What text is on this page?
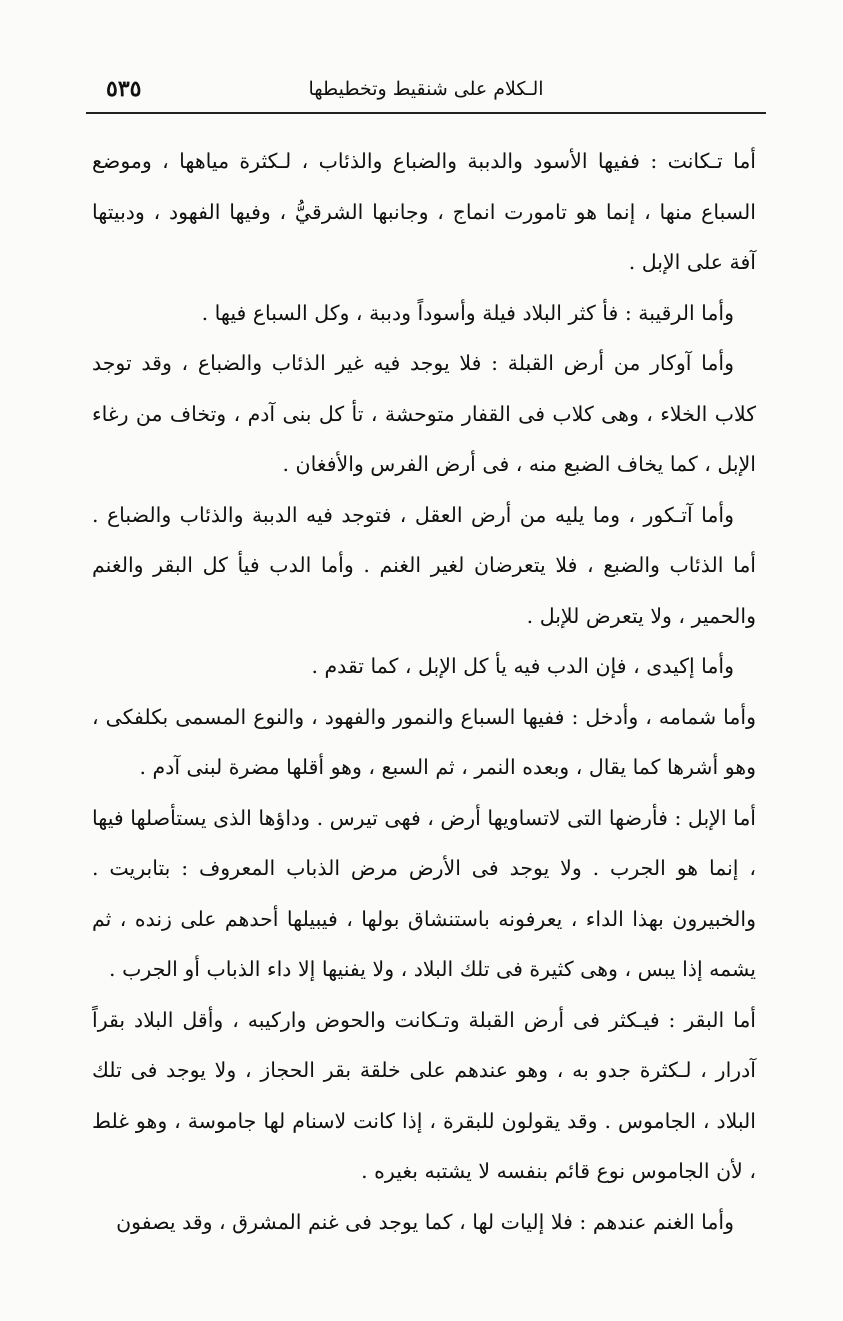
الـكلام على شنقيط وتخطيطها
٥٣٥

أما تـكانت : ففيها الأسود والدببة والضباع والذئاب ، لـكثرة مياهها ، وموضع السباع منها ، إنما هو تامورت انماج ، وجانبها الشرقيُّ ، وفيها الفهود ، ودبيتها آفة على الإبل .

وأما الرقيبة : فأ كثر البلاد فيلة وأسوداً ودببة ، وكل السباع فيها .

وأما آوكار من أرض القبلة : فلا يوجد فيه غير الذئاب والضباع ، وقد توجد كلاب الخلاء ، وهى كلاب فى القفار متوحشة ، تأ كل بنى آدم ، وتخاف من رغاء الإبل ، كما يخاف الضبع منه ، فى أرض الفرس والأفغان .

وأما آتـكور ، وما يليه من أرض العقل ، فتوجد فيه الدببة والذئاب والضباع . أما الذئاب والضبع ، فلا يتعرضان لغير الغنم . وأما الدب فيأ كل البقر والغنم والحمير ، ولا يتعرض للإبل .

وأما إكيدى ، فإن الدب فيه يأ كل الإبل ، كما تقدم .

وأما شمامه ، وأدخل : ففيها السباع والنمور والفهود ، والنوع المسمى بكلفكى ، وهو أشرها كما يقال ، وبعده النمر ، ثم السبع ، وهو أقلها مضرة لبنى آدم .

أما الإبل : فأرضها التى لاتساويها أرض ، فهى تيرس . وداؤها الذى يستأصلها فيها ، إنما هو الجرب . ولا يوجد فى الأرض مرض الذباب المعروف : بتابريت . والخبيرون بهذا الداء ، يعرفونه باستنشاق بولها ، فيبيلها أحدهم على زنده ، ثم يشمه إذا يبس ، وهى كثيرة فى تلك البلاد ، ولا يفنيها إلا داء الذباب أو الجرب .

أما البقر : فيـكثر فى أرض القبلة وتـكانت والحوض واركيبه ، وأقل البلاد بقراً آدرار ، لـكثرة جدو به ، وهو عندهم على خلقة بقر الحجاز ، ولا يوجد فى تلك البلاد ، الجاموس . وقد يقولون للبقرة ، إذا كانت لاسنام لها جاموسة ، وهو غلط ، لأن الجاموس نوع قائم بنفسه لا يشتبه بغيره .

وأما الغنم عندهم : فلا إليات لها ، كما يوجد فى غنم المشرق ، وقد يصفون
